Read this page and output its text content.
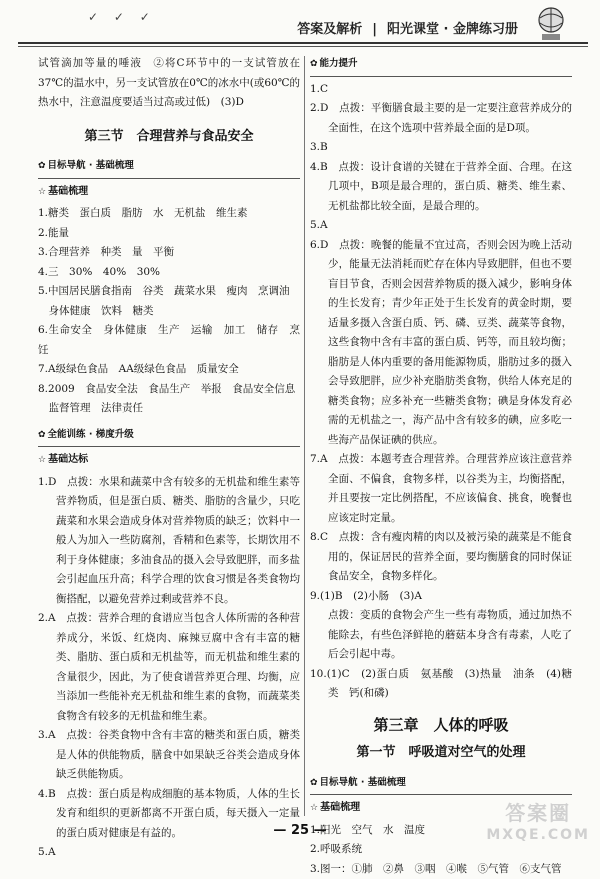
✓ ✓ ✓
答案及解析 | 阳光课堂 · 金牌练习册

试管滴加等量的唾液　②将C环节中的一支试管放在37℃的温水中，另一支试管放在0℃的冰水中(或60℃的热水中，注意温度要适当过高或过低)　(3)D

第三节　合理营养与食品安全
✿ 目标导航 · 基础梳理
☆ 基础梳理

1.糖类　蛋白质　脂肪　水　无机盐　维生素

2.能量

3.合理营养　种类　量　平衡

4.三　30%　40%　30%

5.中国居民膳食指南　谷类　蔬菜水果　瘦肉　烹调油

　身体健康　饮料　糖类

6.生命安全　身体健康　生产　运输　加工　储存　烹饪

7.A级绿色食品　AA级绿色食品　质量安全

8.2009　食品安全法　食品生产　举报　食品安全信息

　监督管理　法律责任

✿ 全能训练 · 梯度升级
☆ 基础达标

1.D　点拨：水果和蔬菜中含有较多的无机盐和维生素等营养物质，但是蛋白质、糖类、脂肪的含量少，只吃蔬菜和水果会造成身体对营养物质的缺乏；饮料中一般人为加入一些防腐剂，香精和色素等，长期饮用不利于身体健康；多油食品的摄入会导致肥胖，而多盐会引起血压升高；科学合理的饮食习惯是各类食物均衡搭配，以避免营养过剩或营养不良。

2.A　点拨：营养合理的食谱应当包含人体所需的各种营养成分，米饭、红烧肉、麻辣豆腐中含有丰富的糖类、脂肪、蛋白质和无机盐等，而无机盐和维生素的含量很少，因此，为了使食谱营养更合理、均衡，应当添加一些能补充无机盐和维生素的食物，而蔬菜类食物含有较多的无机盐和维生素。

3.A　点拨：谷类食物中含有丰富的糖类和蛋白质，糖类是人体的供能物质，膳食中如果缺乏谷类会造成身体缺乏供能物质。

4.B　点拨：蛋白质是构成细胞的基本物质，人体的生长发育和组织的更新都离不开蛋白质，每天摄入一定量的蛋白质对健康是有益的。

5.A

✿ 能力提升

1.C

2.D　点拨：平衡膳食最主要的是一定要注意营养成分的全面性，在这个选项中营养最全面的是D项。

3.B

4.B　点拨：设计食谱的关键在于营养全面、合理。在这几项中，B项是最合理的，蛋白质、糖类、维生素、无机盐都比较全面，是最合理的。

5.A

6.D　点拨：晚餐的能量不宜过高，否则会因为晚上活动少，能量无法消耗而贮存在体内导致肥胖，但也不要盲目节食，否则会因营养物质的摄入减少，影响身体的生长发育；青少年正处于生长发育的黄金时期，要适量多摄入含蛋白质、钙、磷、豆类、蔬菜等食物，这些食物中含有丰富的蛋白质、钙等，而且较均衡；脂肪是人体内重要的备用能源物质，脂肪过多的摄入会导致肥胖，应少补充脂肪类食物，供给人体充足的糖类食物；应多补充一些糖类食物；碘是身体发育必需的无机盐之一，海产品中含有较多的碘，应多吃一些海产品保证碘的供应。

7.A　点拨：本题考查合理营养。合理营养应该注意营养全面、不偏食，食物多样，以谷类为主，均衡搭配，并且要按一定比例搭配，不应该偏食、挑食，晚餐也应该定时定量。

8.C　点拨：含有瘦肉精的肉以及被污染的蔬菜是不能食用的，保证居民的营养全面，要均衡膳食的同时保证食品安全，食物多样化。

9.(1)B　(2)小肠　(3)A

点拨：变质的食物会产生一些有毒物质，通过加热不能除去，有些色泽鲜艳的蘑菇本身含有毒素，人吃了后会引起中毒。

10.(1)C　(2)蛋白质　氨基酸　(3)热量　油条　(4)糖类　钙(和磷)

第三章　人体的呼吸
第一节　呼吸道对空气的处理
✿ 目标导航 · 基础梳理
☆ 基础梳理

1.阳光　空气　水　温度

2.呼吸系统

3.图一：①肺　②鼻　③咽　④喉　⑤气管　⑥支气管

— 25 —
答案圈
MXQE.COM
